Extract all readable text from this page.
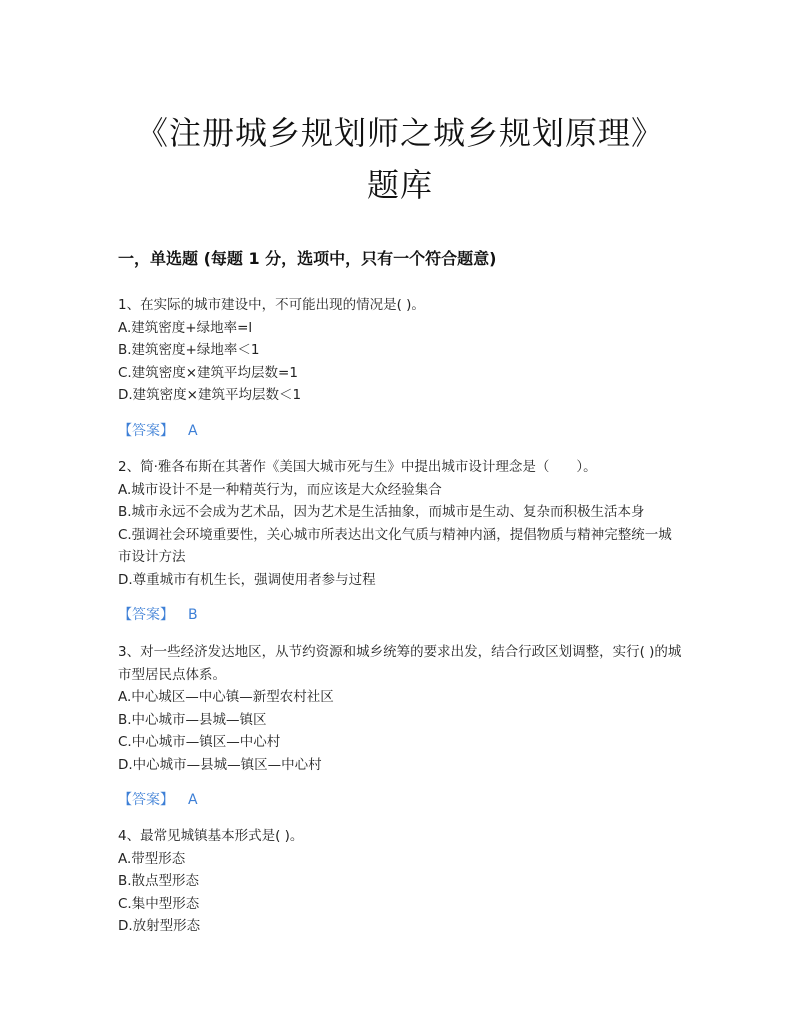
《注册城乡规划师之城乡规划原理》
题库
一，单选题 (每题 1 分，选项中，只有一个符合题意)
1、在实际的城市建设中，不可能出现的情况是( )。
A.建筑密度+绿地率=l
B.建筑密度+绿地率＜1
C.建筑密度×建筑平均层数=1
D.建筑密度×建筑平均层数＜1
【答案】 A
2、简·雅各布斯在其著作《美国大城市死与生》中提出城市设计理念是（　　）。
A.城市设计不是一种精英行为，而应该是大众经验集合
B.城市永远不会成为艺术品，因为艺术是生活抽象，而城市是生动、复杂而积极生活本身
C.强调社会环境重要性，关心城市所表达出文化气质与精神内涵，提倡物质与精神完整统一城市设计方法
D.尊重城市有机生长，强调使用者参与过程
【答案】 B
3、对一些经济发达地区，从节约资源和城乡统筹的要求出发，结合行政区划调整，实行( )的城市型居民点体系。
A.中心城区—中心镇—新型农村社区
B.中心城市—县城—镇区
C.中心城市—镇区—中心村
D.中心城市—县城—镇区—中心村
【答案】 A
4、最常见城镇基本形式是( )。
A.带型形态
B.散点型形态
C.集中型形态
D.放射型形态
